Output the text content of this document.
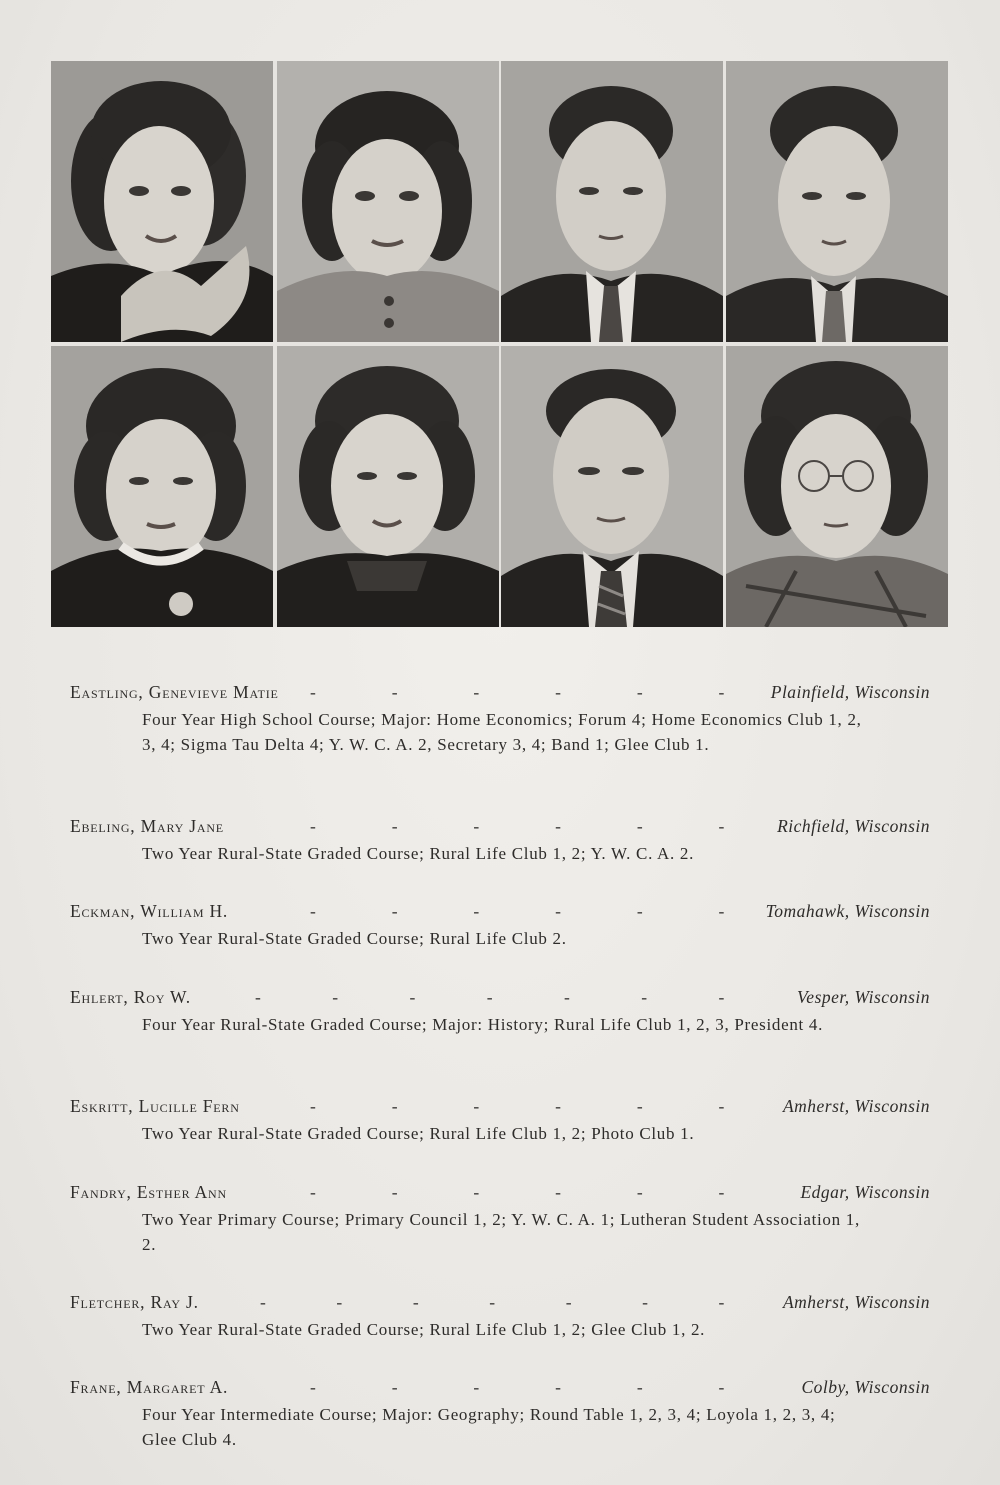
Eastling, Genevieve Matie -	-	-	-	-	-	Plainfield, Wisconsin
Four Year High School Course; Major: Home Economics; Forum 4; Home Economics Club 1, 2, 3, 4; Sigma Tau Delta 4; Y. W. C. A. 2, Secretary 3, 4; Band 1; Glee Club 1.
Ebeling, Mary Jane	-	-	-	-	-	-	Richfield, Wisconsin
Two Year Rural-State Graded Course; Rural Life Club 1, 2; Y. W. C. A. 2.
Eckman, William H.	-	-	-	-	-	- Tomahawk, Wisconsin
Two Year Rural-State Graded Course; Rural Life Club 2.
Ehlert, Roy W.	-	-	-	-	-	-	-	Vesper, Wisconsin
Four Year Rural-State Graded Course; Major: History; Rural Life Club 1, 2, 3, President 4.
Eskritt, Lucille Fern	-	-	-	-	-	-	Amherst, Wisconsin
Two Year Rural-State Graded Course; Rural Life Club 1, 2; Photo Club 1.
Fandry, Esther Ann	-	-	-	-	-	-	Edgar, Wisconsin
Two Year Primary Course; Primary Council 1, 2; Y. W. C. A. 1; Lutheran Student Association 1, 2.
Fletcher, Ray J.	-	-	-	-	-	-	-	Amherst, Wisconsin
Two Year Rural-State Graded Course; Rural Life Club 1, 2; Glee Club 1, 2.
Frane, Margaret A.	-	-	-	-	-	-	Colby, Wisconsin
Four Year Intermediate Course; Major: Geography; Round Table 1, 2, 3, 4; Loyola 1, 2, 3, 4; Glee Club 4.
